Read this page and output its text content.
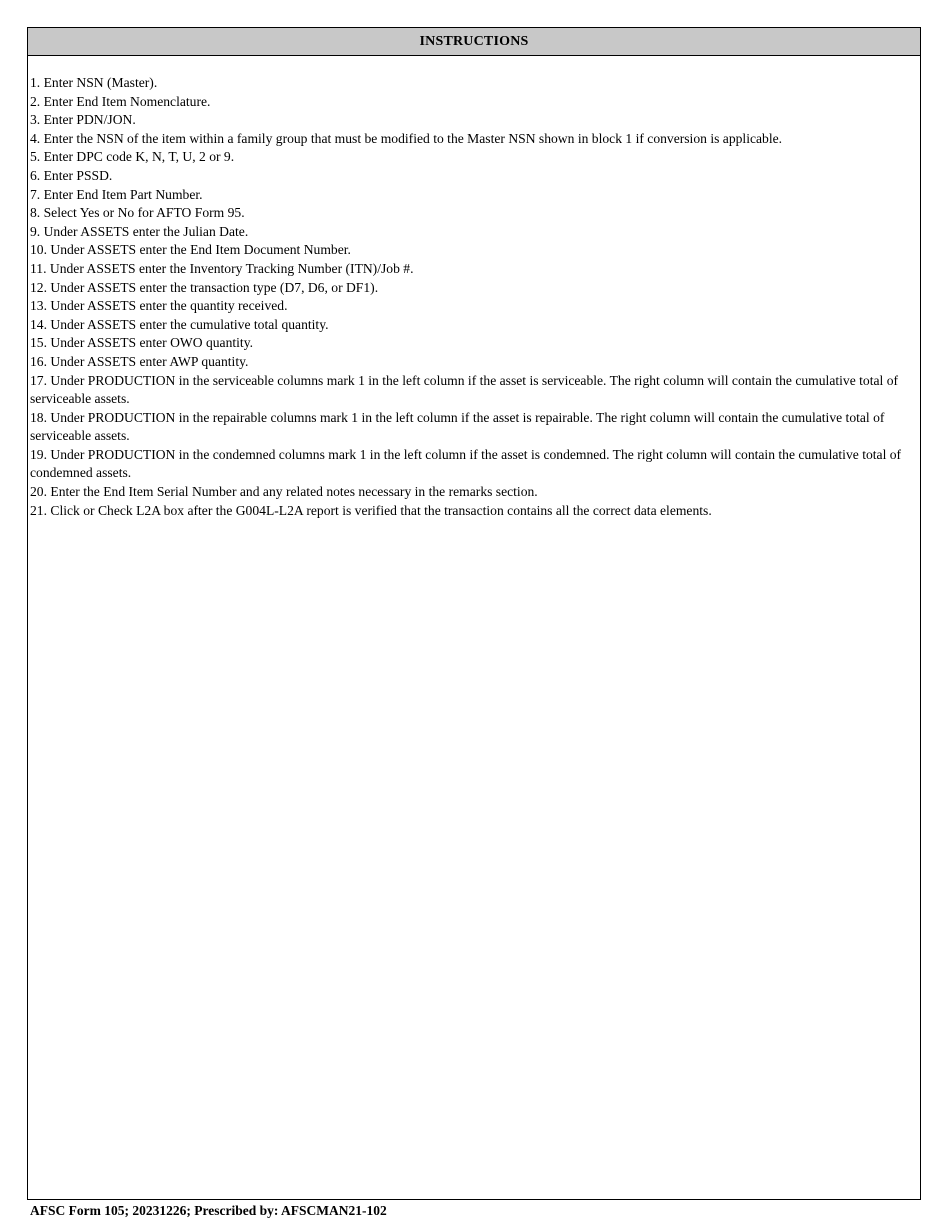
INSTRUCTIONS
1. Enter NSN (Master).
2. Enter End Item Nomenclature.
3. Enter PDN/JON.
4. Enter the NSN of the item within a family group that must be modified to the Master NSN shown in block 1 if conversion is applicable.
5. Enter DPC code K, N, T, U, 2 or 9.
6. Enter PSSD.
7. Enter End Item Part Number.
8. Select Yes or No for AFTO Form 95.
9. Under ASSETS enter the Julian Date.
10. Under ASSETS enter the End Item Document Number.
11. Under ASSETS enter the Inventory Tracking Number (ITN)/Job #.
12. Under ASSETS enter the transaction type (D7, D6, or DF1).
13. Under ASSETS enter the quantity received.
14. Under ASSETS enter the cumulative total quantity.
15. Under ASSETS enter OWO quantity.
16. Under ASSETS enter AWP quantity.
17. Under PRODUCTION in the serviceable columns mark 1 in the left column if the asset is serviceable. The right column will contain the cumulative total of serviceable assets.
18. Under PRODUCTION in the repairable columns mark 1 in the left column if the asset is repairable. The right column will contain the cumulative total of serviceable assets.
19. Under PRODUCTION in the condemned columns mark 1 in the left column if the asset is condemned. The right column will contain the cumulative total of condemned assets.
20. Enter the End Item Serial Number and any related notes necessary in the remarks section.
21. Click or Check L2A box after the G004L-L2A report is verified that the transaction contains all the correct data elements.
AFSC Form 105; 20231226; Prescribed by: AFSCMAN21-102
